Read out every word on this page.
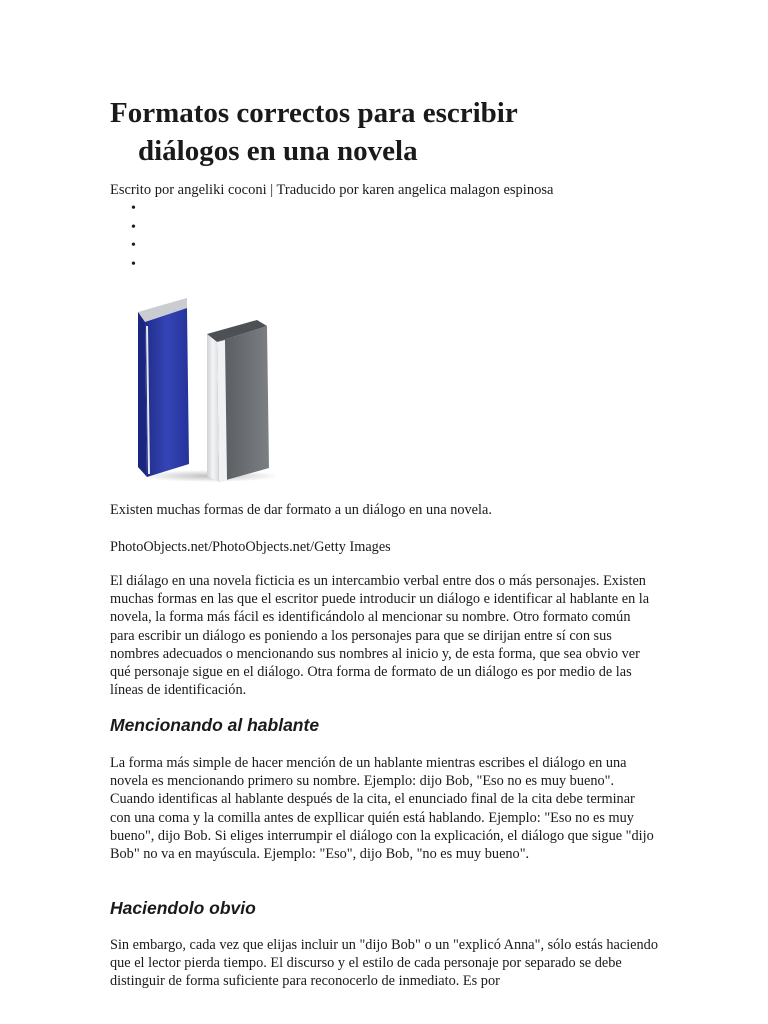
Formatos correctos para escribir
diálogos en una novela

Escrito por angeliki coconi | Traducido por karen angelica malagon espinosa

•
•
•
•

Existen muchas formas de dar formato a un diálogo en una novela.

PhotoObjects.net/PhotoObjects.net/Getty Images

El diálago en una novela ficticia es un intercambio verbal entre dos o más personajes. Existen muchas formas en las que el escritor puede introducir un diálogo e identificar al hablante en la novela, la forma más fácil es identificándolo al mencionar su nombre. Otro formato común para escribir un diálogo es poniendo a los personajes para que se dirijan entre sí con sus nombres adecuados o mencionando sus nombres al inicio y, de esta forma, que sea obvio ver qué personaje sigue en el diálogo. Otra forma de formato de un diálogo es por medio de las líneas de identificación.

Mencionando al hablante

La forma más simple de hacer mención de un hablante mientras escribes el diálogo en una novela es mencionando primero su nombre. Ejemplo: dijo Bob, "Eso no es muy bueno". Cuando identificas al hablante después de la cita, el enunciado final de la cita debe terminar con una coma y la comilla antes de expllicar quién está hablando. Ejemplo: "Eso no es muy bueno", dijo Bob. Si eliges interrumpir el diálogo con la explicación, el diálogo que sigue "dijo Bob" no va en mayúscula. Ejemplo: "Eso", dijo Bob, "no es muy bueno".

Haciendolo obvio

Sin embargo, cada vez que elijas incluir un "dijo Bob" o un "explicó Anna", sólo estás haciendo que el lector pierda tiempo. El discurso y el estilo de cada personaje por separado se debe distinguir de forma suficiente para reconocerlo de inmediato. Es por
